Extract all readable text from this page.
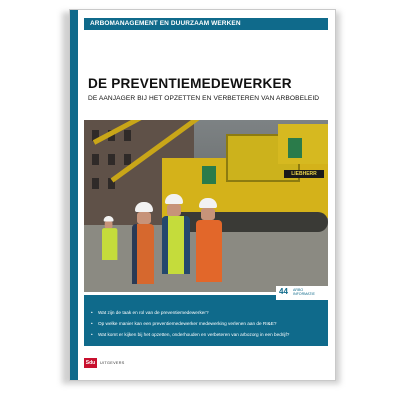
ARBOMANAGEMENT EN DUURZAAM WERKEN
DE PREVENTIEMEDEWERKER
DE AANJAGER BIJ HET OPZETTEN EN VERBETEREN VAN ARBOBELEID
LIEBHERR
44 ARBO
INFORMATIE
• Wat zijn de taak en rol van de preventiemedewerker?
• Op welke manier kan een preventiemedewerker medewerking verlenen aan de RI&E?
• Wat komt er kijken bij het opzetten, onderhouden en verbeteren van arbozorg in een bedrijf?
Sdu	UITGEVERS
